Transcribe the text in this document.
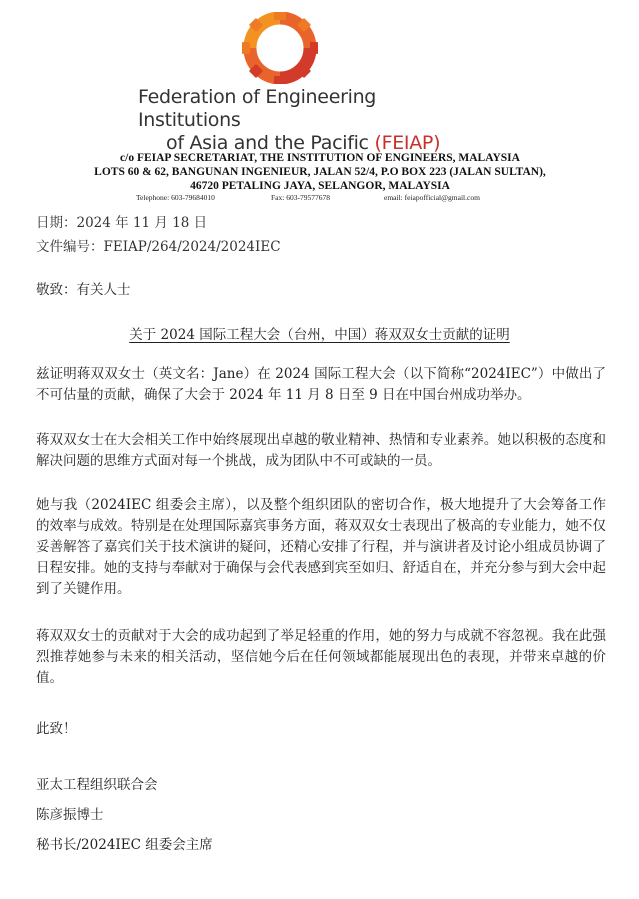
Federation of Engineering Institutions
of Asia and the Pacific (FEIAP)
c/o FEIAP SECRETARIAT, THE INSTITUTION OF ENGINEERS, MALAYSIA
LOTS 60 & 62, BANGUNAN INGENIEUR, JALAN 52/4, P.O BOX 223 (JALAN SULTAN),
46720 PETALING JAYA, SELANGOR, MALAYSIA
Telephone: 603-79684010	Fax: 603-79577678	email: feiapofficial@gmail.com
日期：2024 年 11 月 18 日
文件编号：FEIAP/264/2024/2024IEC
敬致：有关人士
关于 2024 国际工程大会（台州，中国）蒋双双女士贡献的证明

兹证明蒋双双女士（英文名：Jane）在 2024 国际工程大会（以下简称“2024IEC”）中做出了不可估量的贡献，确保了大会于 2024 年 11 月 8 日至 9 日在中国台州成功举办。

蒋双双女士在大会相关工作中始终展现出卓越的敬业精神、热情和专业素养。她以积极的态度和解决问题的思维方式面对每一个挑战，成为团队中不可或缺的一员。

她与我（2024IEC 组委会主席），以及整个组织团队的密切合作，极大地提升了大会筹备工作的效率与成效。特别是在处理国际嘉宾事务方面，蒋双双女士表现出了极高的专业能力，她不仅妥善解答了嘉宾们关于技术演讲的疑问，还精心安排了行程，并与演讲者及讨论小组成员协调了日程安排。她的支持与奉献对于确保与会代表感到宾至如归、舒适自在，并充分参与到大会中起到了关键作用。

蒋双双女士的贡献对于大会的成功起到了举足轻重的作用，她的努力与成就不容忽视。我在此强烈推荐她参与未来的相关活动，坚信她今后在任何领域都能展现出色的表现，并带来卓越的价值。

此致！
亚太工程组织联合会
陈彦振博士
秘书长/2024IEC 组委会主席
